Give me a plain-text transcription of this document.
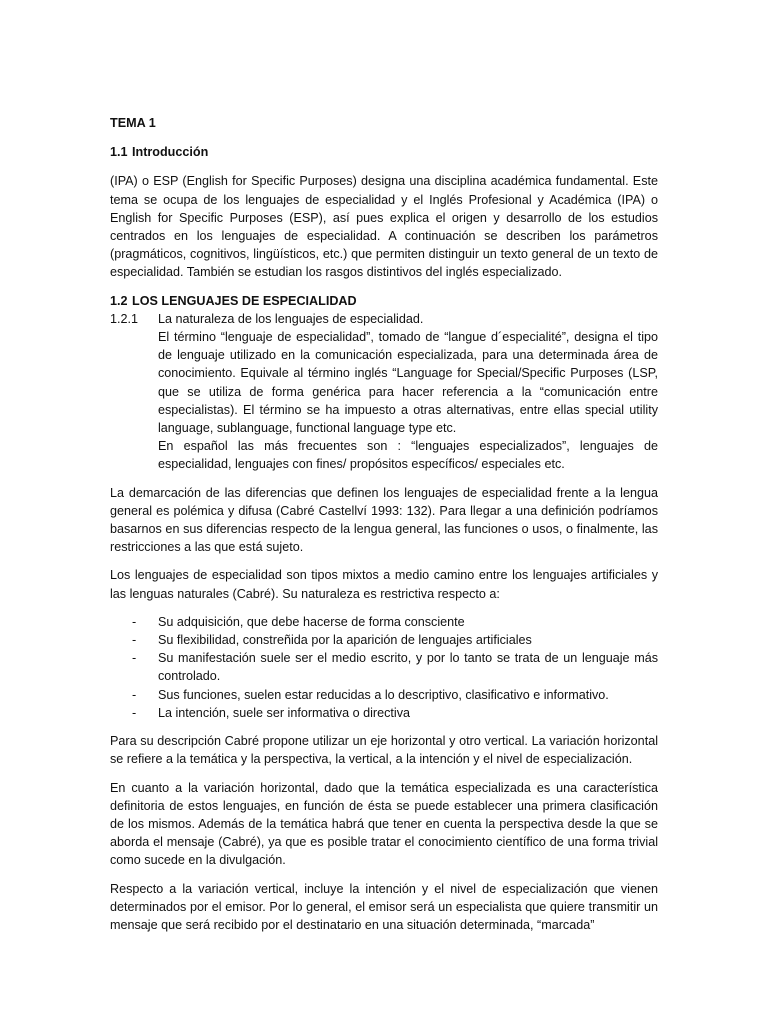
TEMA 1
1.1 Introducción

(IPA) o ESP (English for Specific Purposes) designa una disciplina académica fundamental. Este tema se ocupa de los lenguajes de especialidad y el Inglés Profesional y Académica (IPA) o English for Specific Purposes (ESP), así pues explica el origen y desarrollo de los estudios centrados en los lenguajes de especialidad. A continuación se describen los parámetros (pragmáticos, cognitivos, lingüísticos, etc.) que permiten distinguir un texto general de un texto de especialidad. También se estudian los rasgos distintivos del inglés especializado.

1.2 LOS LENGUAJES DE ESPECIALIDAD
1.2.1	La naturaleza de los lenguajes de especialidad.

El término “lenguaje de especialidad”, tomado de “langue d´especialité”, designa el tipo de lenguaje utilizado en la comunicación especializada, para una determinada área de conocimiento. Equivale al término inglés “Language for Special/Specific Purposes (LSP, que se utiliza de forma genérica para hacer referencia a la “comunicación entre especialistas). El término se ha impuesto a otras alternativas, entre ellas special utility language, sublanguage, functional language type etc.

En español las más frecuentes son : “lenguajes especializados”, lenguajes de especialidad, lenguajes con fines/ propósitos específicos/ especiales etc.

La demarcación de las diferencias que definen los lenguajes de especialidad frente a la lengua general es polémica y difusa (Cabré Castellví 1993: 132). Para llegar a una definición podríamos basarnos en sus diferencias respecto de la lengua general, las funciones o usos, o finalmente, las restricciones a las que está sujeto.

Los lenguajes de especialidad son tipos mixtos a medio camino entre los lenguajes artificiales y las lenguas naturales (Cabré). Su naturaleza es restrictiva respecto a:

-	Su adquisición, que debe hacerse de forma consciente
-	Su flexibilidad, constreñida por la aparición de lenguajes artificiales
-	Su manifestación suele ser el medio escrito, y por lo tanto se trata de un lenguaje más controlado.
-	Sus funciones, suelen estar reducidas a lo descriptivo, clasificativo e informativo.
-	La intención, suele ser informativa o directiva

Para su descripción Cabré propone utilizar un eje horizontal y otro vertical. La variación horizontal se refiere a la temática y la perspectiva, la vertical, a la intención y el nivel de especialización.

En cuanto a la variación horizontal, dado que la temática especializada es una característica definitoria de estos lenguajes, en función de ésta se puede establecer una primera clasificación de los mismos. Además de la temática habrá que tener en cuenta la perspectiva desde la que se aborda el mensaje (Cabré), ya que es posible tratar el conocimiento científico de una forma trivial como sucede en la divulgación.

Respecto a la variación vertical, incluye la intención y el nivel de especialización que vienen determinados por el emisor. Por lo general, el emisor será un especialista que quiere transmitir un mensaje que será recibido por el destinatario en una situación determinada, “marcada”
